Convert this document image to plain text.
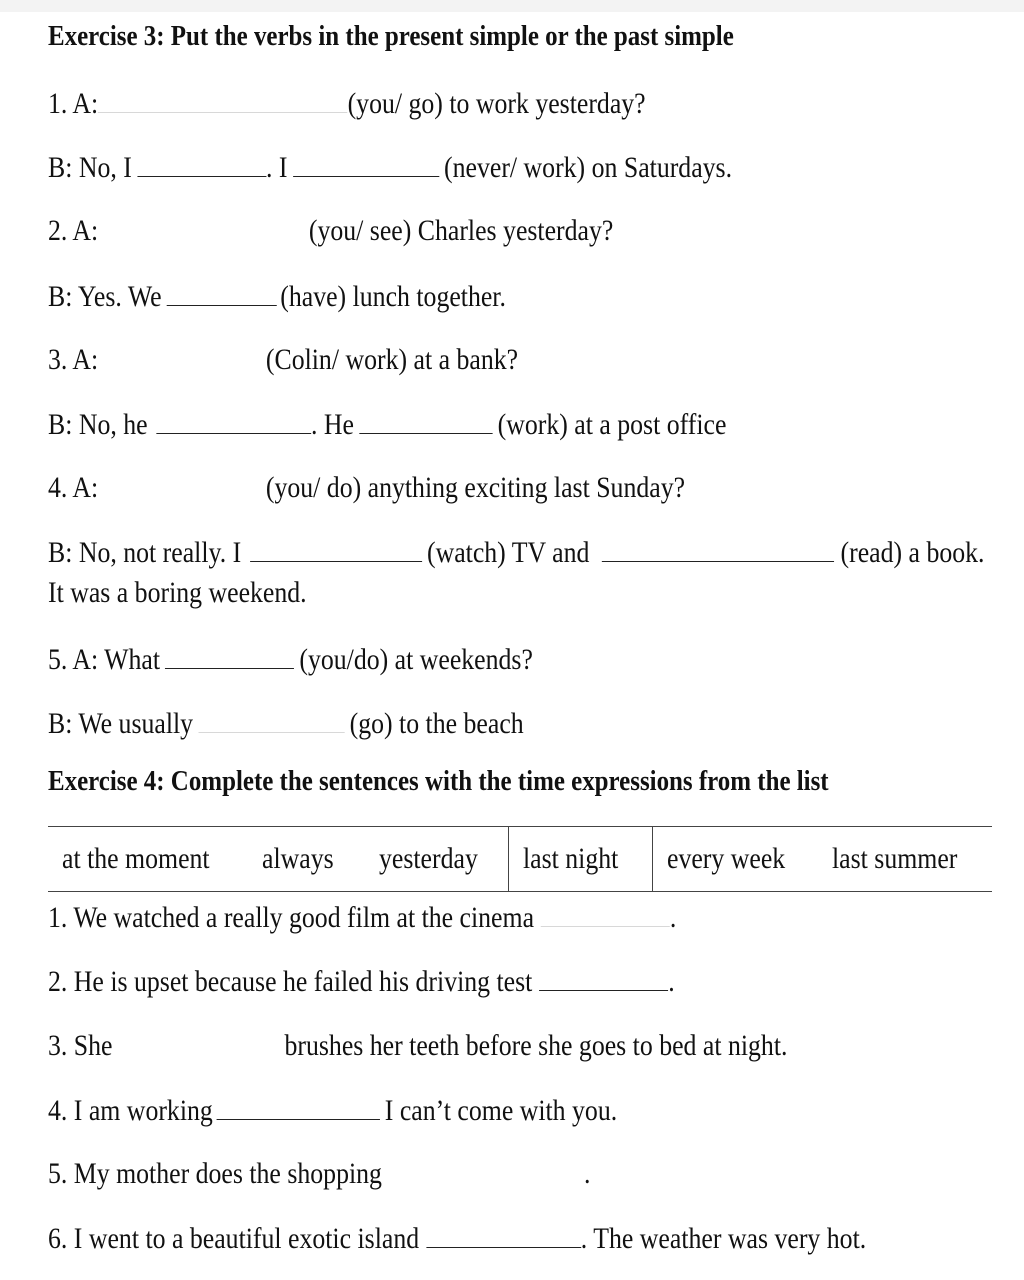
Exercise 3: Put the verbs in the present simple or the past simple
1. A:	(you/ go) to work yesterday?
B: No, I	. I	(never/ work) on Saturdays.
2. A:	(you/ see) Charles yesterday?
B: Yes. We	(have) lunch together.
3. A:	(Colin/ work) at a bank?
B: No, he	. He	(work) at a post office
4. A:	(you/ do) anything exciting last Sunday?
B: No, not really. I	(watch) TV and	(read) a book.
It was a boring weekend.
5. A: What	(you/do) at weekends?
B: We usually	(go) to the beach
Exercise 4: Complete the sentences with the time expressions from the list
at the moment	always	yesterday	last night	every week	last summer
1. We watched a really good film at the cinema	.
2. He is upset because he failed his driving test	.
3. She	brushes her teeth before she goes to bed at night.
4. I am working	I can’t come with you.
5. My mother does the shopping	.
6. I went to a beautiful exotic island	. The weather was very hot.
